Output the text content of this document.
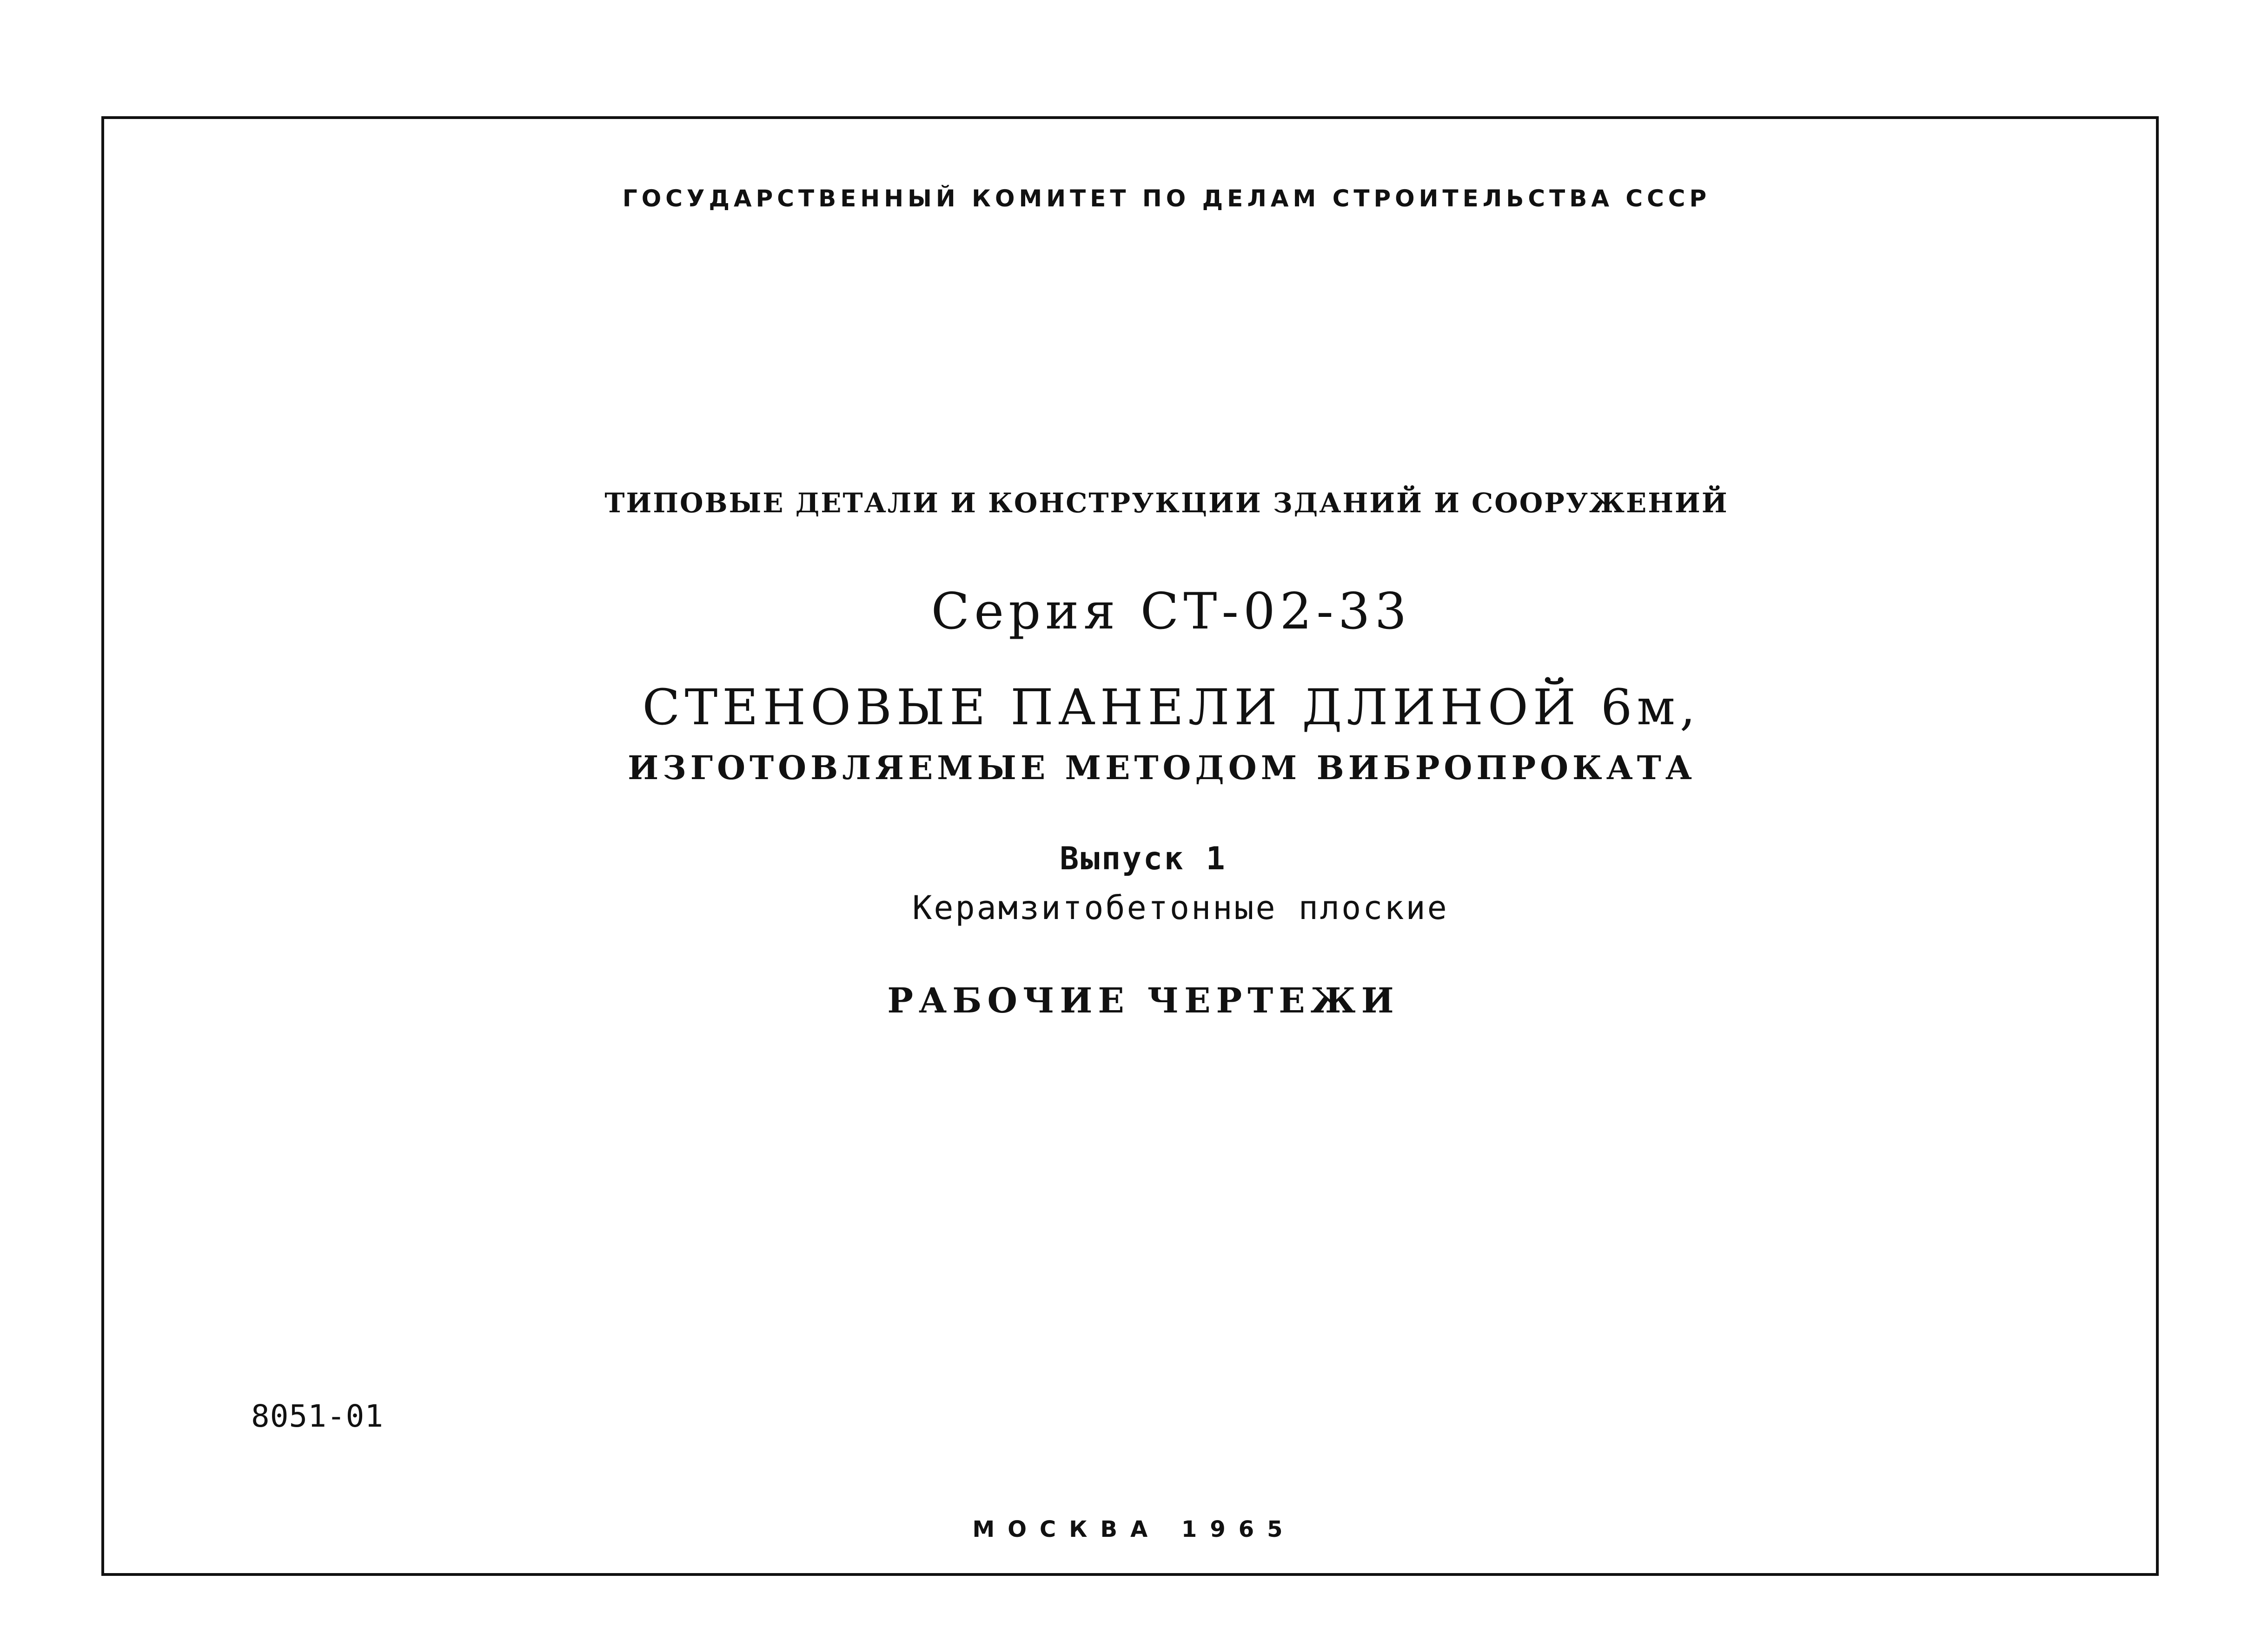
ГОСУДАРСТВЕННЫЙ КОМИТЕТ ПО ДЕЛАМ СТРОИТЕЛЬСТВА СССР
ТИПОВЫЕ ДЕТАЛИ И КОНСТРУКЦИИ ЗДАНИЙ И СООРУЖЕНИЙ
Серия СТ-02-33
СТЕНОВЫЕ ПАНЕЛИ ДЛИНОЙ 6м,
ИЗГОТОВЛЯЕМЫЕ МЕТОДОМ ВИБРОПРОКАТА
Выпуск 1
Керамзитобетонные плоские
РАБОЧИЕ ЧЕРТЕЖИ
8051-01
МОСКВА 1965
